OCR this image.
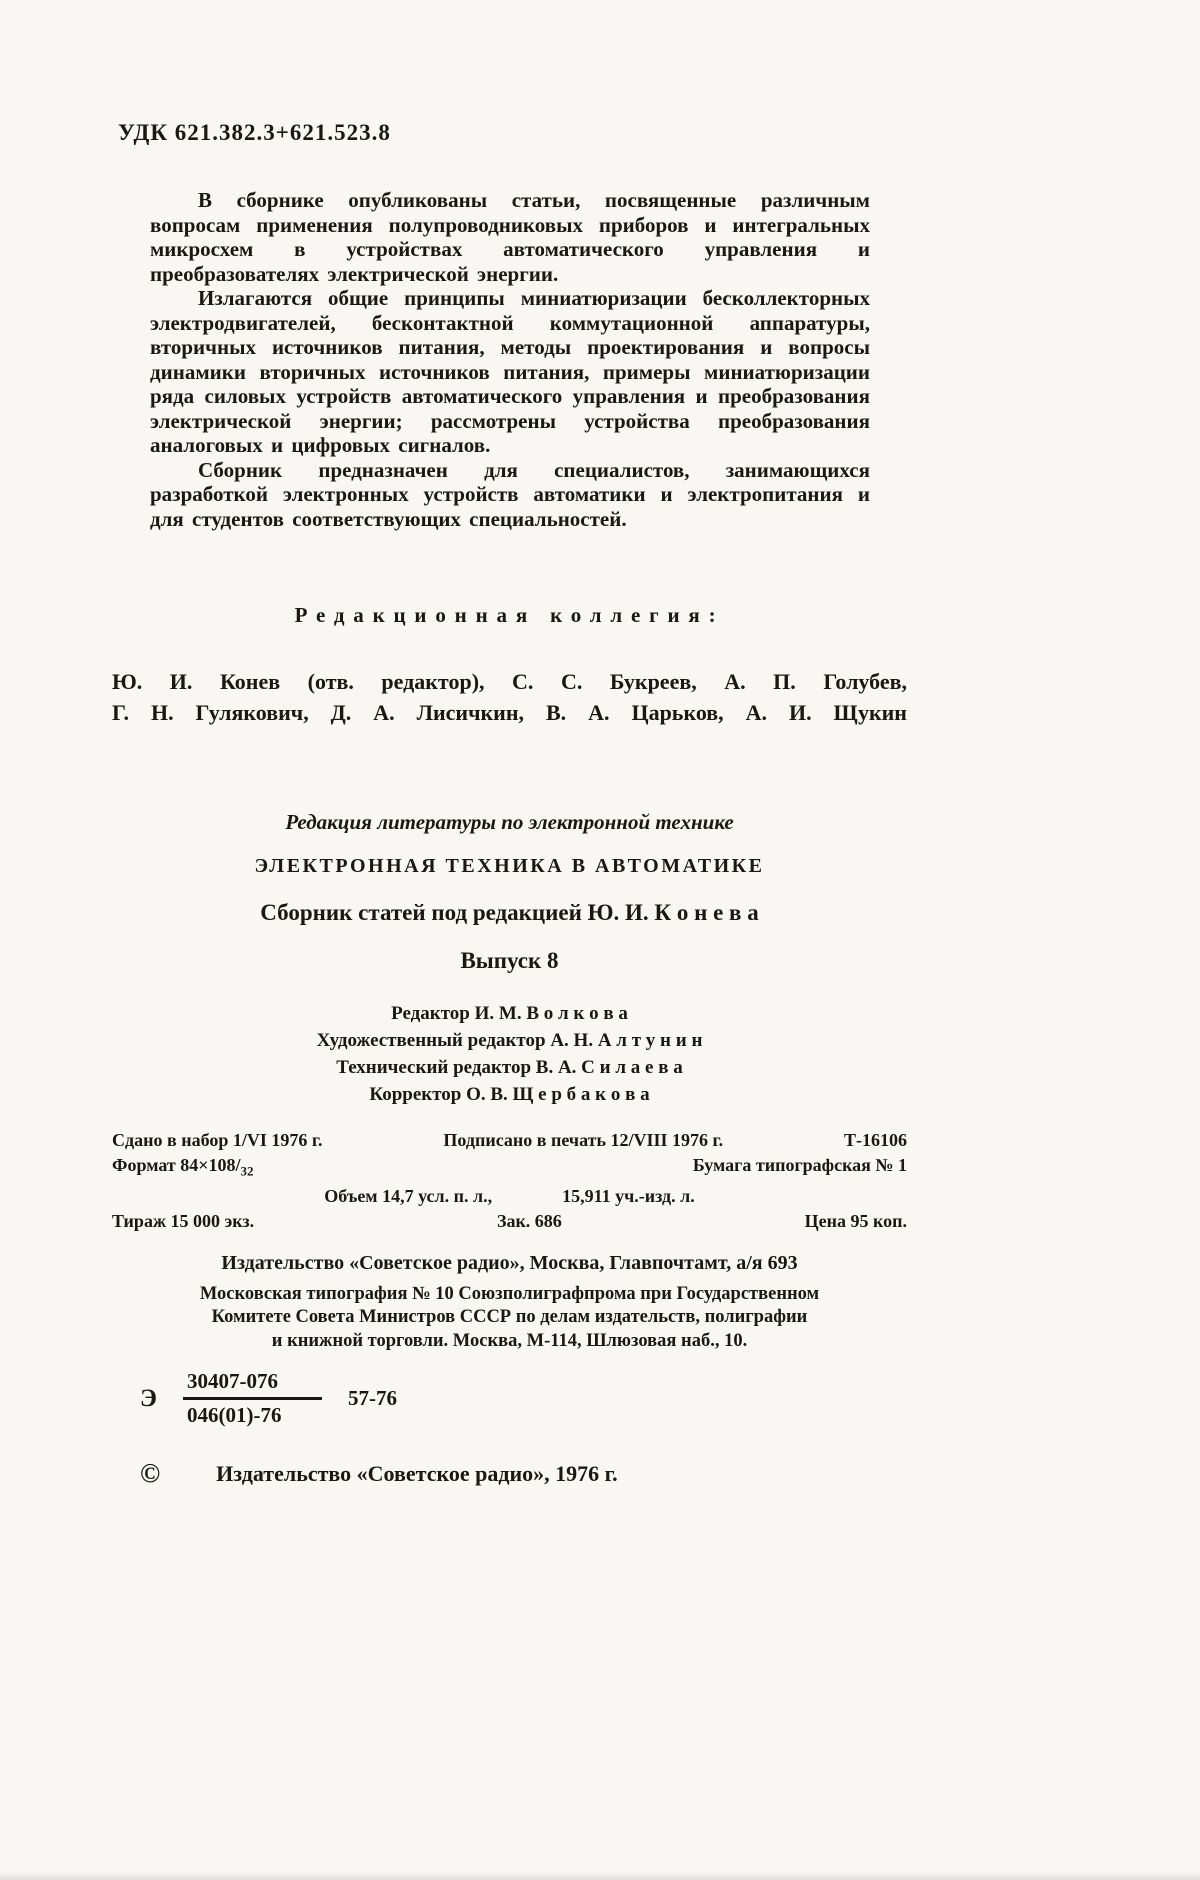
УДК 621.382.3+621.523.8

В сборнике опубликованы статьи, посвященные различным вопросам применения полупроводниковых приборов и интегральных микросхем в устройствах автоматического управления и преобразователях электрической энергии.

Излагаются общие принципы миниатюризации бесколлекторных электродвигателей, бесконтактной коммутационной аппаратуры, вторичных источников питания, методы проектирования и вопросы динамики вторичных источников питания, примеры миниатюризации ряда силовых устройств автоматического управления и преобразования электрической энергии; рассмотрены устройства преобразования аналоговых и цифровых сигналов.

Сборник предназначен для специалистов, занимающихся разработкой электронных устройств автоматики и электропитания и для студентов соответствующих специальностей.

Редакционная коллегия:
Ю. И. Конев (отв. редактор), С. С. Букреев, А. П. Голубев,
Г. Н. Гулякович, Д. А. Лисичкин, В. А. Царьков, А. И. Щукин
Редакция литературы по электронной технике
ЭЛЕКТРОННАЯ ТЕХНИКА В АВТОМАТИКЕ
Сборник статей под редакцией Ю. И. К о н е в а
Выпуск 8
Редактор И. М. В о л к о в а
Художественный редактор А. Н. А л т у н и н
Технический редактор В. А. С и л а е в а
Корректор О. В. Щ е р б а к о в а
Сдано в набор 1/VI 1976 г.	Подписано в печать 12/VIII 1976 г.	Т-16106
Формат $84\times 108/_{32}$	Бумага типографская № 1
Объем 14,7 усл. п. л.,	15,911 уч.-изд. л.
Тираж 15 000 экз.	Зак. 686	Цена 95 коп.
Издательство «Советское радио», Москва, Главпочтамт, а/я 693
Московская типография № 10 Союзполиграфпрома при Государственном
Комитете Совета Министров СССР по делам издательств, полиграфии
и книжной торговли. Москва, М-114, Шлюзовая наб., 10.
Э $\frac{30407-076}{046(01)-76} 57-76$
©	Издательство «Советское радио», 1976 г.
